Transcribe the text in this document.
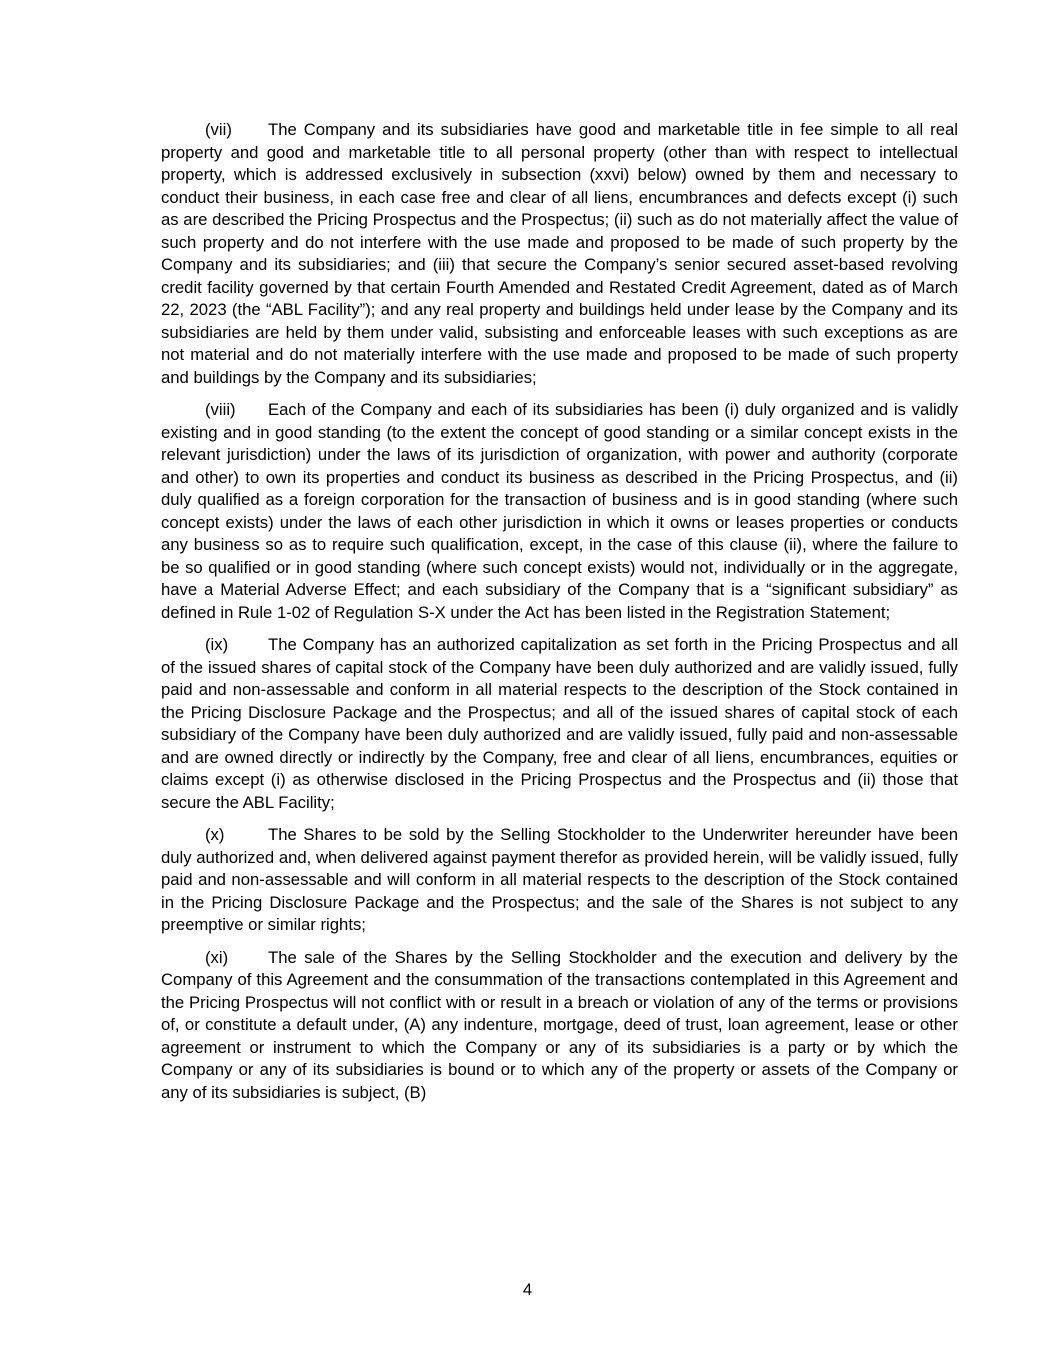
(vii) The Company and its subsidiaries have good and marketable title in fee simple to all real property and good and marketable title to all personal property (other than with respect to intellectual property, which is addressed exclusively in subsection (xxvi) below) owned by them and necessary to conduct their business, in each case free and clear of all liens, encumbrances and defects except (i) such as are described the Pricing Prospectus and the Prospectus; (ii) such as do not materially affect the value of such property and do not interfere with the use made and proposed to be made of such property by the Company and its subsidiaries; and (iii) that secure the Company’s senior secured asset-based revolving credit facility governed by that certain Fourth Amended and Restated Credit Agreement, dated as of March 22, 2023 (the “ABL Facility”); and any real property and buildings held under lease by the Company and its subsidiaries are held by them under valid, subsisting and enforceable leases with such exceptions as are not material and do not materially interfere with the use made and proposed to be made of such property and buildings by the Company and its subsidiaries;

(viii) Each of the Company and each of its subsidiaries has been (i) duly organized and is validly existing and in good standing (to the extent the concept of good standing or a similar concept exists in the relevant jurisdiction) under the laws of its jurisdiction of organization, with power and authority (corporate and other) to own its properties and conduct its business as described in the Pricing Prospectus, and (ii) duly qualified as a foreign corporation for the transaction of business and is in good standing (where such concept exists) under the laws of each other jurisdiction in which it owns or leases properties or conducts any business so as to require such qualification, except, in the case of this clause (ii), where the failure to be so qualified or in good standing (where such concept exists) would not, individually or in the aggregate, have a Material Adverse Effect; and each subsidiary of the Company that is a “significant subsidiary” as defined in Rule 1-02 of Regulation S-X under the Act has been listed in the Registration Statement;

(ix) The Company has an authorized capitalization as set forth in the Pricing Prospectus and all of the issued shares of capital stock of the Company have been duly authorized and are validly issued, fully paid and non-assessable and conform in all material respects to the description of the Stock contained in the Pricing Disclosure Package and the Prospectus; and all of the issued shares of capital stock of each subsidiary of the Company have been duly authorized and are validly issued, fully paid and non-assessable and are owned directly or indirectly by the Company, free and clear of all liens, encumbrances, equities or claims except (i) as otherwise disclosed in the Pricing Prospectus and the Prospectus and (ii) those that secure the ABL Facility;

(x)	The Shares to be sold by the Selling Stockholder to the Underwriter hereunder have been duly authorized and, when delivered against payment therefor as provided herein, will be validly issued, fully paid and non-assessable and will conform in all material respects to the description of the Stock contained in the Pricing Disclosure Package and the Prospectus; and the sale of the Shares is not subject to any preemptive or similar rights;

(xi) The sale of the Shares by the Selling Stockholder and the execution and delivery by the Company of this Agreement and the consummation of the transactions contemplated in this Agreement and the Pricing Prospectus will not conflict with or result in a breach or violation of any of the terms or provisions of, or constitute a default under, (A) any indenture, mortgage, deed of trust, loan agreement, lease or other agreement or instrument to which the Company or any of its subsidiaries is a party or by which the Company or any of its subsidiaries is bound or to which any of the property or assets of the Company or any of its subsidiaries is subject, (B)

4
